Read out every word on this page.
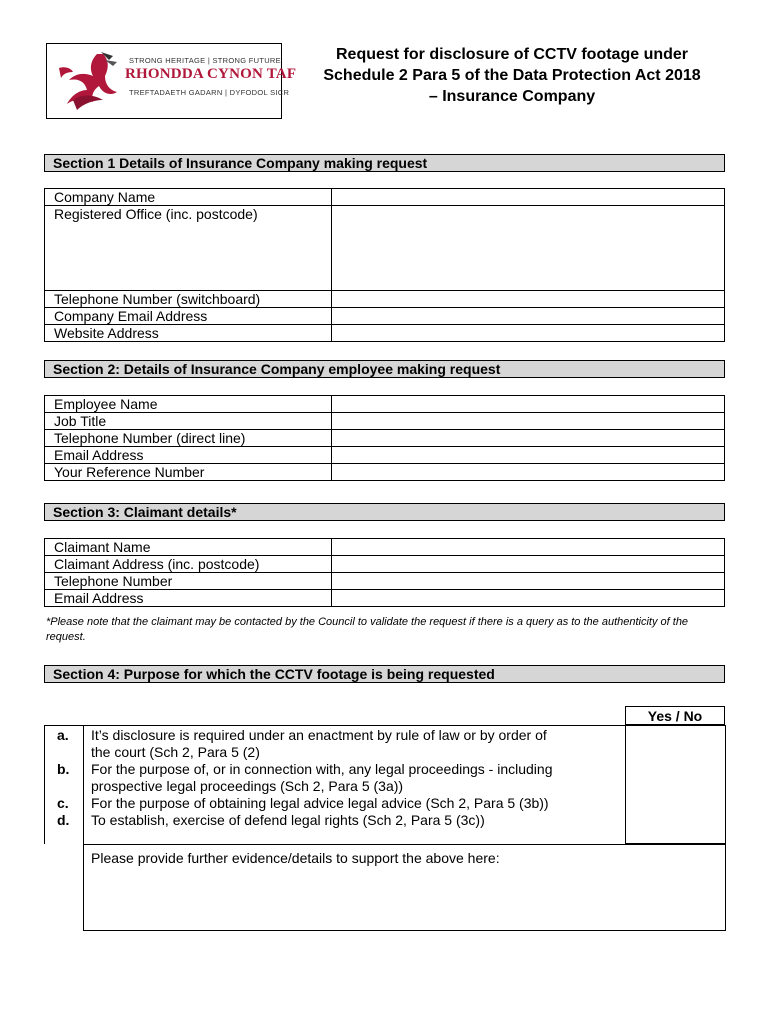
STRONG HERITAGE | STRONG FUTURE
RHONDDA CYNON TAF
TREFTADAETH GADARN | DYFODOL SICR
Request for disclosure of CCTV footage under
Schedule 2 Para 5 of the Data Protection Act 2018
– Insurance Company
Section 1 Details of Insurance Company making request
Company Name	
Registered Office (inc. postcode)	
Telephone Number (switchboard)	
Company Email Address	
Website Address	
Section 2: Details of Insurance Company employee making request
Employee Name	
Job Title	
Telephone Number (direct line)	
Email Address	
Your Reference Number	
Section 3: Claimant details*
Claimant Name	
Claimant Address (inc. postcode)	
Telephone Number	
Email Address	
*Please note that the claimant may be contacted by the Council to validate the request if there is a query as to the authenticity of the request.
Section 4: Purpose for which the CCTV footage is being requested
Yes / No
a. It’s disclosure is required under an enactment by rule of law or by order of
the court (Sch 2, Para 5 (2)
b. For the purpose of, or in connection with, any legal proceedings - including
prospective legal proceedings (Sch 2, Para 5 (3a))
c. For the purpose of obtaining legal advice legal advice (Sch 2, Para 5 (3b))
d. To establish, exercise of defend legal rights (Sch 2, Para 5 (3c))
Please provide further evidence/details to support the above here:
